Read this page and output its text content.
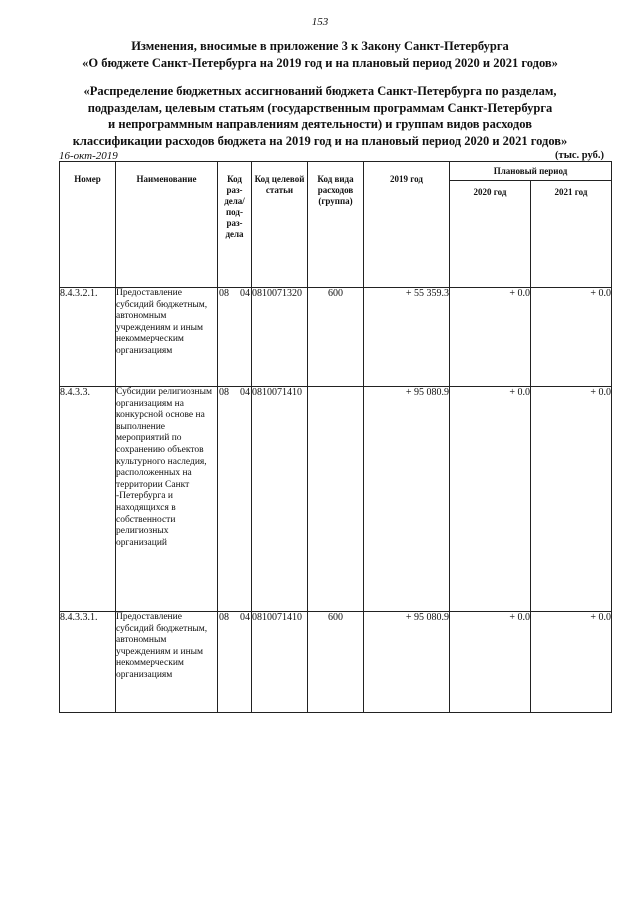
153
Изменения, вносимые в приложение 3 к Закону Санкт-Петербурга
«О бюджете Санкт-Петербурга на 2019 год и на плановый период 2020 и 2021 годов»
«Распределение бюджетных ассигнований бюджета Санкт-Петербурга по разделам,
подразделам, целевым статьям (государственным программам Санкт-Петербурга
и непрограммным направлениям деятельности) и группам видов расходов
классификации расходов бюджета на 2019 год и на плановый период 2020 и 2021 годов»
16-окт-2019	(тыс. руб.)
Номер	Наименование	Код раз- дела/ под- раз- дела	Код целевой статьи	Код вида расходов (группа)	2019 год	Плановый период	
						2020 год	2021 год
8.4.3.2.1.	Предоставление субсидий бюджетным, автономным учреждениям и иным некоммерческим организациям	08 04	0810071320	600	+ 55 359.3	+ 0.0	+ 0.0
8.4.3.3.	Субсидии религиозным организациям на конкурсной основе на выполнение мероприятий по сохранению объектов культурного наследия, расположенных на территории Санкт -Петербурга и находящихся в собственности религиозных организаций	08 04	0810071410		+ 95 080.9	+ 0.0	+ 0.0
8.4.3.3.1.	Предоставление субсидий бюджетным, автономным учреждениям и иным некоммерческим организациям	08 04	0810071410	600	+ 95 080.9	+ 0.0	+ 0.0
